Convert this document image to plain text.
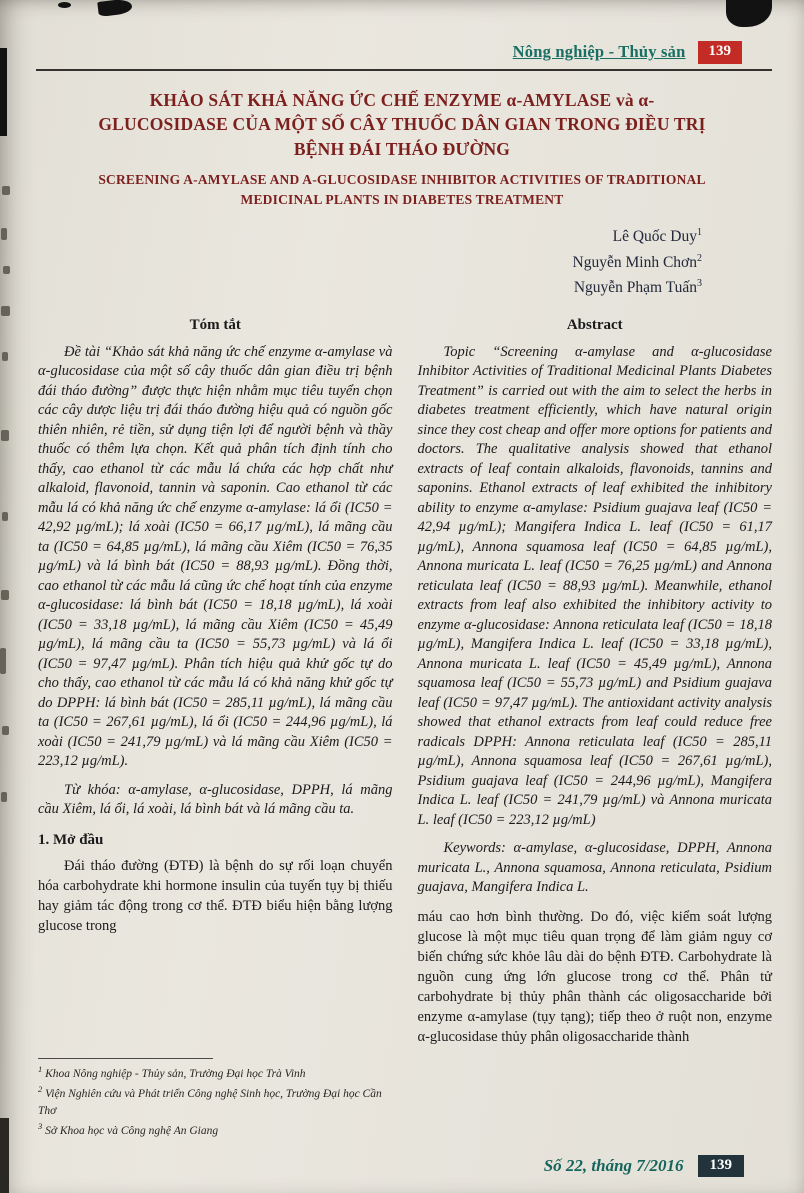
Nông nghiệp - Thủy sản	139
KHẢO SÁT KHẢ NĂNG ỨC CHẾ ENZYME α-AMYLASE và α-GLUCOSIDASE CỦA MỘT SỐ CÂY THUỐC DÂN GIAN TRONG ĐIỀU TRỊ BỆNH ĐÁI THÁO ĐƯỜNG
SCREENING A-AMYLASE AND A-GLUCOSIDASE INHIBITOR ACTIVITIES OF TRADITIONAL MEDICINAL PLANTS IN DIABETES TREATMENT
Lê Quốc Duy$^1$
Nguyễn Minh Chơn$^2$
Nguyễn Phạm Tuấn$^3$
Tóm tắt

Đề tài “Khảo sát khả năng ức chế enzyme α-amylase và α-glucosidase của một số cây thuốc dân gian điều trị bệnh đái tháo đường” được thực hiện nhằm mục tiêu tuyển chọn các cây dược liệu trị đái tháo đường hiệu quả có nguồn gốc thiên nhiên, rẻ tiền, sử dụng tiện lợi để người bệnh và thầy thuốc có thêm lựa chọn. Kết quả phân tích định tính cho thấy, cao ethanol từ các mẫu lá chứa các hợp chất như alkaloid, flavonoid, tannin và saponin. Cao ethanol từ các mẫu lá có khả năng ức chế enzyme α-amylase: lá ổi (IC50 = 42,92 µg/mL); lá xoài (IC50 = 66,17 µg/mL), lá mãng cầu ta (IC50 = 64,85 µg/mL), lá mãng cầu Xiêm (IC50 = 76,35 µg/mL) và lá bình bát (IC50 = 88,93 µg/mL). Đồng thời, cao ethanol từ các mẫu lá cũng ức chế hoạt tính của enzyme α-glucosidase: lá bình bát (IC50 = 18,18 µg/mL), lá xoài (IC50 = 33,18 µg/mL), lá mãng cầu Xiêm (IC50 = 45,49 µg/mL), lá mãng cầu ta (IC50 = 55,73 µg/mL) và lá ổi (IC50 = 97,47 µg/mL). Phân tích hiệu quả khử gốc tự do cho thấy, cao ethanol từ các mẫu lá có khả năng khử gốc tự do DPPH: lá bình bát (IC50 = 285,11 µg/mL), lá mãng cầu ta (IC50 = 267,61 µg/mL), lá ổi (IC50 = 244,96 µg/mL), lá xoài (IC50 = 241,79 µg/mL) và lá mãng cầu Xiêm (IC50 = 223,12 µg/mL).

Từ khóa: α-amylase, α-glucosidase, DPPH, lá mãng cầu Xiêm, lá ổi, lá xoài, lá bình bát và lá mãng cầu ta.

1. Mở đầu

Đái tháo đường (ĐTĐ) là bệnh do sự rối loạn chuyển hóa carbohydrate khi hormone insulin của tuyến tụy bị thiếu hay giảm tác động trong cơ thể. ĐTĐ biểu hiện bằng lượng glucose trong

Abstract

Topic “Screening α-amylase and α-glucosidase Inhibitor Activities of Traditional Medicinal Plants Diabetes Treatment” is carried out with the aim to select the herbs in diabetes treatment efficiently, which have natural origin since they cost cheap and offer more options for patients and doctors. The qualitative analysis showed that ethanol extracts of leaf contain alkaloids, flavonoids, tannins and saponins. Ethanol extracts of leaf exhibited the inhibitory ability to enzyme α-amylase: Psidium guajava leaf (IC50 = 42,94 µg/mL); Mangifera Indica L. leaf (IC50 = 61,17 µg/mL), Annona squamosa leaf (IC50 = 64,85 µg/mL), Annona muricata L. leaf (IC50 = 76,25 µg/mL) and Annona reticulata leaf (IC50 = 88,93 µg/mL). Meanwhile, ethanol extracts from leaf also exhibited the inhibitory activity to enzyme α-glucosidase: Annona reticulata leaf (IC50 = 18,18 µg/mL), Mangifera Indica L. leaf (IC50 = 33,18 µg/mL), Annona muricata L. leaf (IC50 = 45,49 µg/mL), Annona squamosa leaf (IC50 = 55,73 µg/mL) and Psidium guajava leaf (IC50 = 97,47 µg/mL). The antioxidant activity analysis showed that ethanol extracts from leaf could reduce free radicals DPPH: Annona reticulata leaf (IC50 = 285,11 µg/mL), Annona squamosa leaf (IC50 = 267,61 µg/mL), Psidium guajava leaf (IC50 = 244,96 µg/mL), Mangifera Indica L. leaf (IC50 = 241,79 µg/mL) và Annona muricata L. leaf (IC50 = 223,12 µg/mL)

Keywords: α-amylase, α-glucosidase, DPPH, Annona muricata L., Annona squamosa, Annona reticulata, Psidium guajava, Mangifera Indica L.

máu cao hơn bình thường. Do đó, việc kiểm soát lượng glucose là một mục tiêu quan trọng để làm giảm nguy cơ biến chứng sức khỏe lâu dài do bệnh ĐTĐ. Carbohydrate là nguồn cung ứng lớn glucose trong cơ thể. Phân tử carbohydrate bị thủy phân thành các oligosaccharide bởi enzyme α-amylase (tụy tạng); tiếp theo ở ruột non, enzyme α-glucosidase thủy phân oligosaccharide thành

$^1$ Khoa Nông nghiệp - Thủy sản, Trường Đại học Trà Vinh
$^2$ Viện Nghiên cứu và Phát triển Công nghệ Sinh học, Trường Đại học Cần Thơ
$^3$ Sở Khoa học và Công nghệ An Giang
Số 22, tháng 7/2016	139
